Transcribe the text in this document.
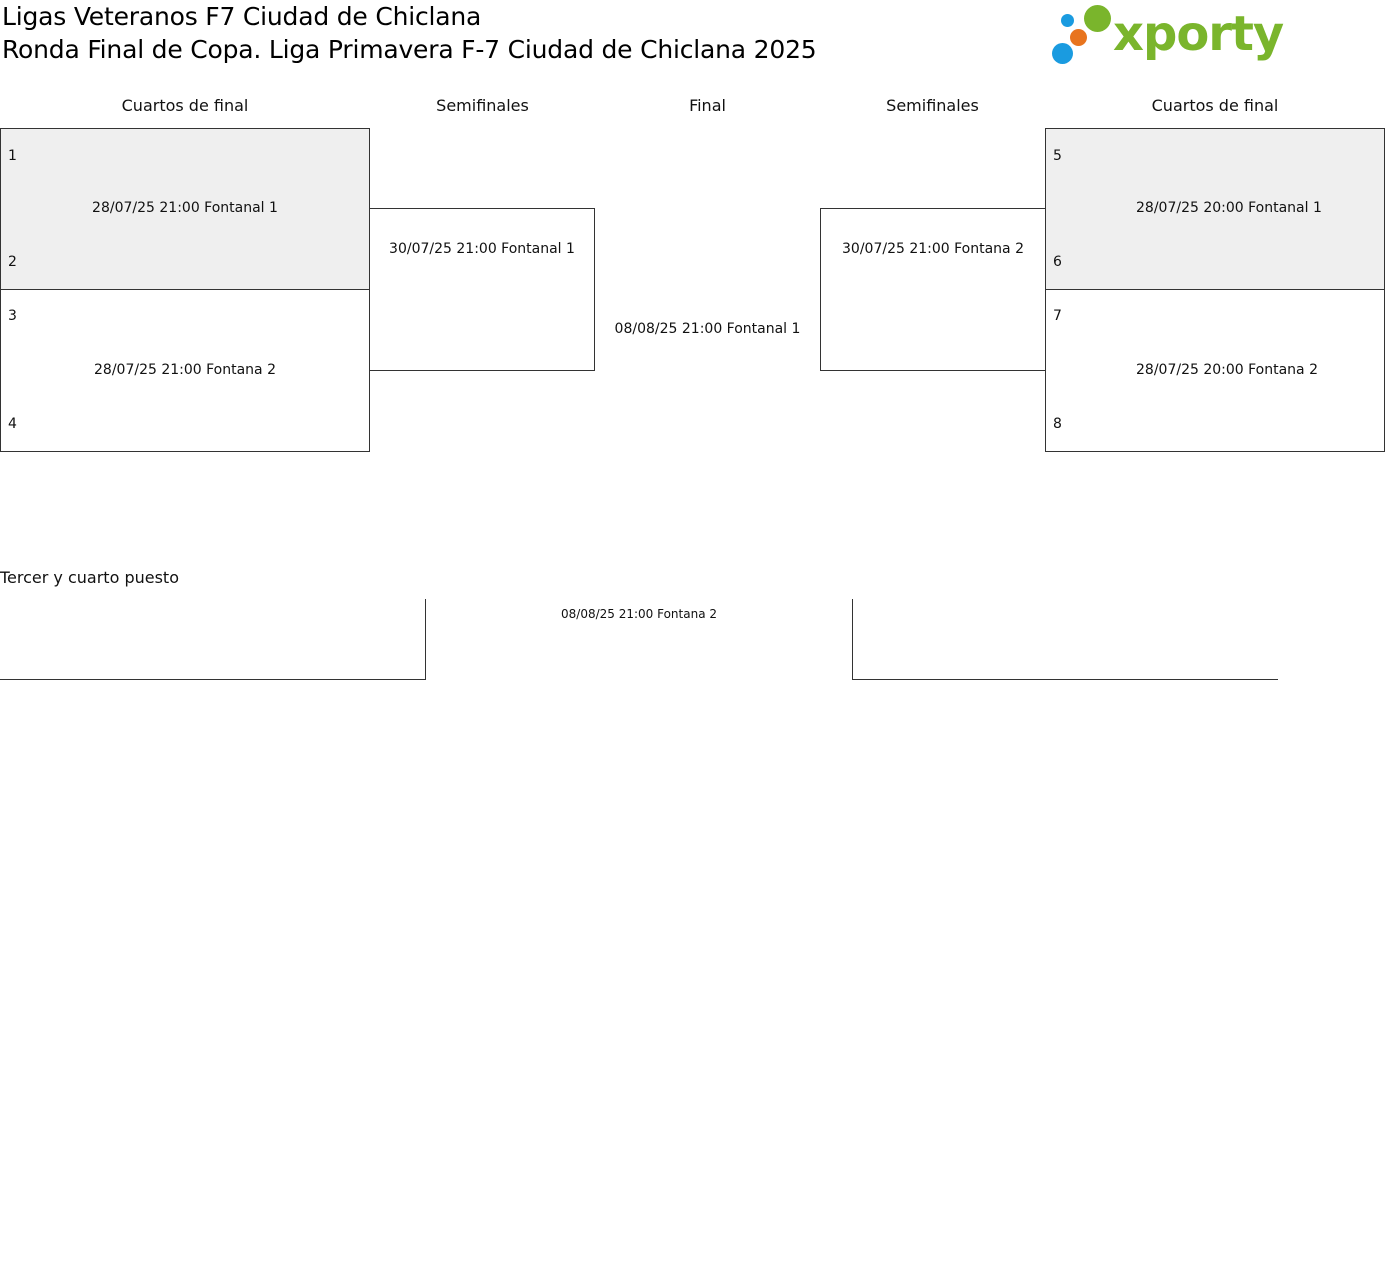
Ligas Veteranos F7 Ciudad de Chiclana
Ronda Final de Copa. Liga Primavera F-7 Ciudad de Chiclana 2025	xporty
Cuartos de final	Semifinales	Final	Semifinales	Cuartos de final
1
28/07/25 21:00 Fontanal 1
2
3
28/07/25 21:00 Fontana 2
4
30/07/25 21:00 Fontanal 1
08/08/25 21:00 Fontanal 1
30/07/25 21:00 Fontana 2
5
28/07/25 20:00 Fontanal 1
6
7
28/07/25 20:00 Fontana 2
8
Tercer y cuarto puesto
08/08/25 21:00 Fontana 2
